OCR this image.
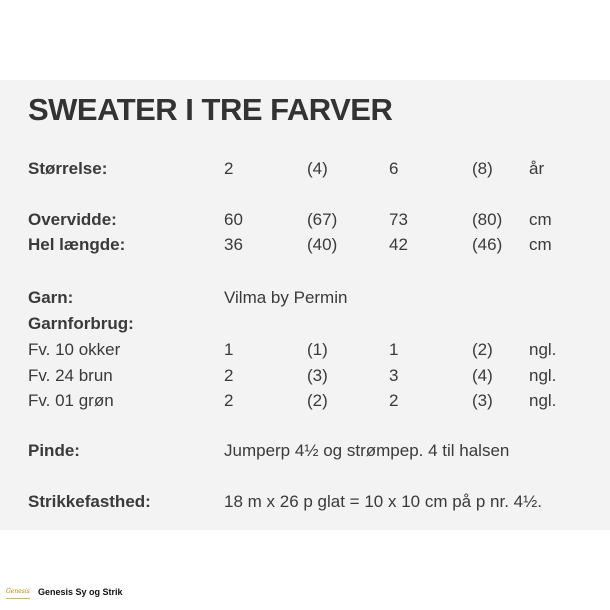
SWEATER I TRE FARVER
Størrelse:	2	(4)	6	(8) år
Overvidde:	60	(67)	73	(80) cm
Hel længde:	36	(40)	42	(46) cm
Garn:	Vilma by Permin
Garnforbrug:
Fv. 10 okker	1	(1)	1	(2) ngl.
Fv. 24 brun	2	(3)	3	(4) ngl.
Fv. 01 grøn	2	(2)	2	(3) ngl.
Pinde:	Jumperp 4½ og strømpep. 4 til halsen
Strikkefasthed:	18 m x 26 p glat = 10 x 10 cm på p nr. 4½.
Genesis Genesis Sy og Strik
